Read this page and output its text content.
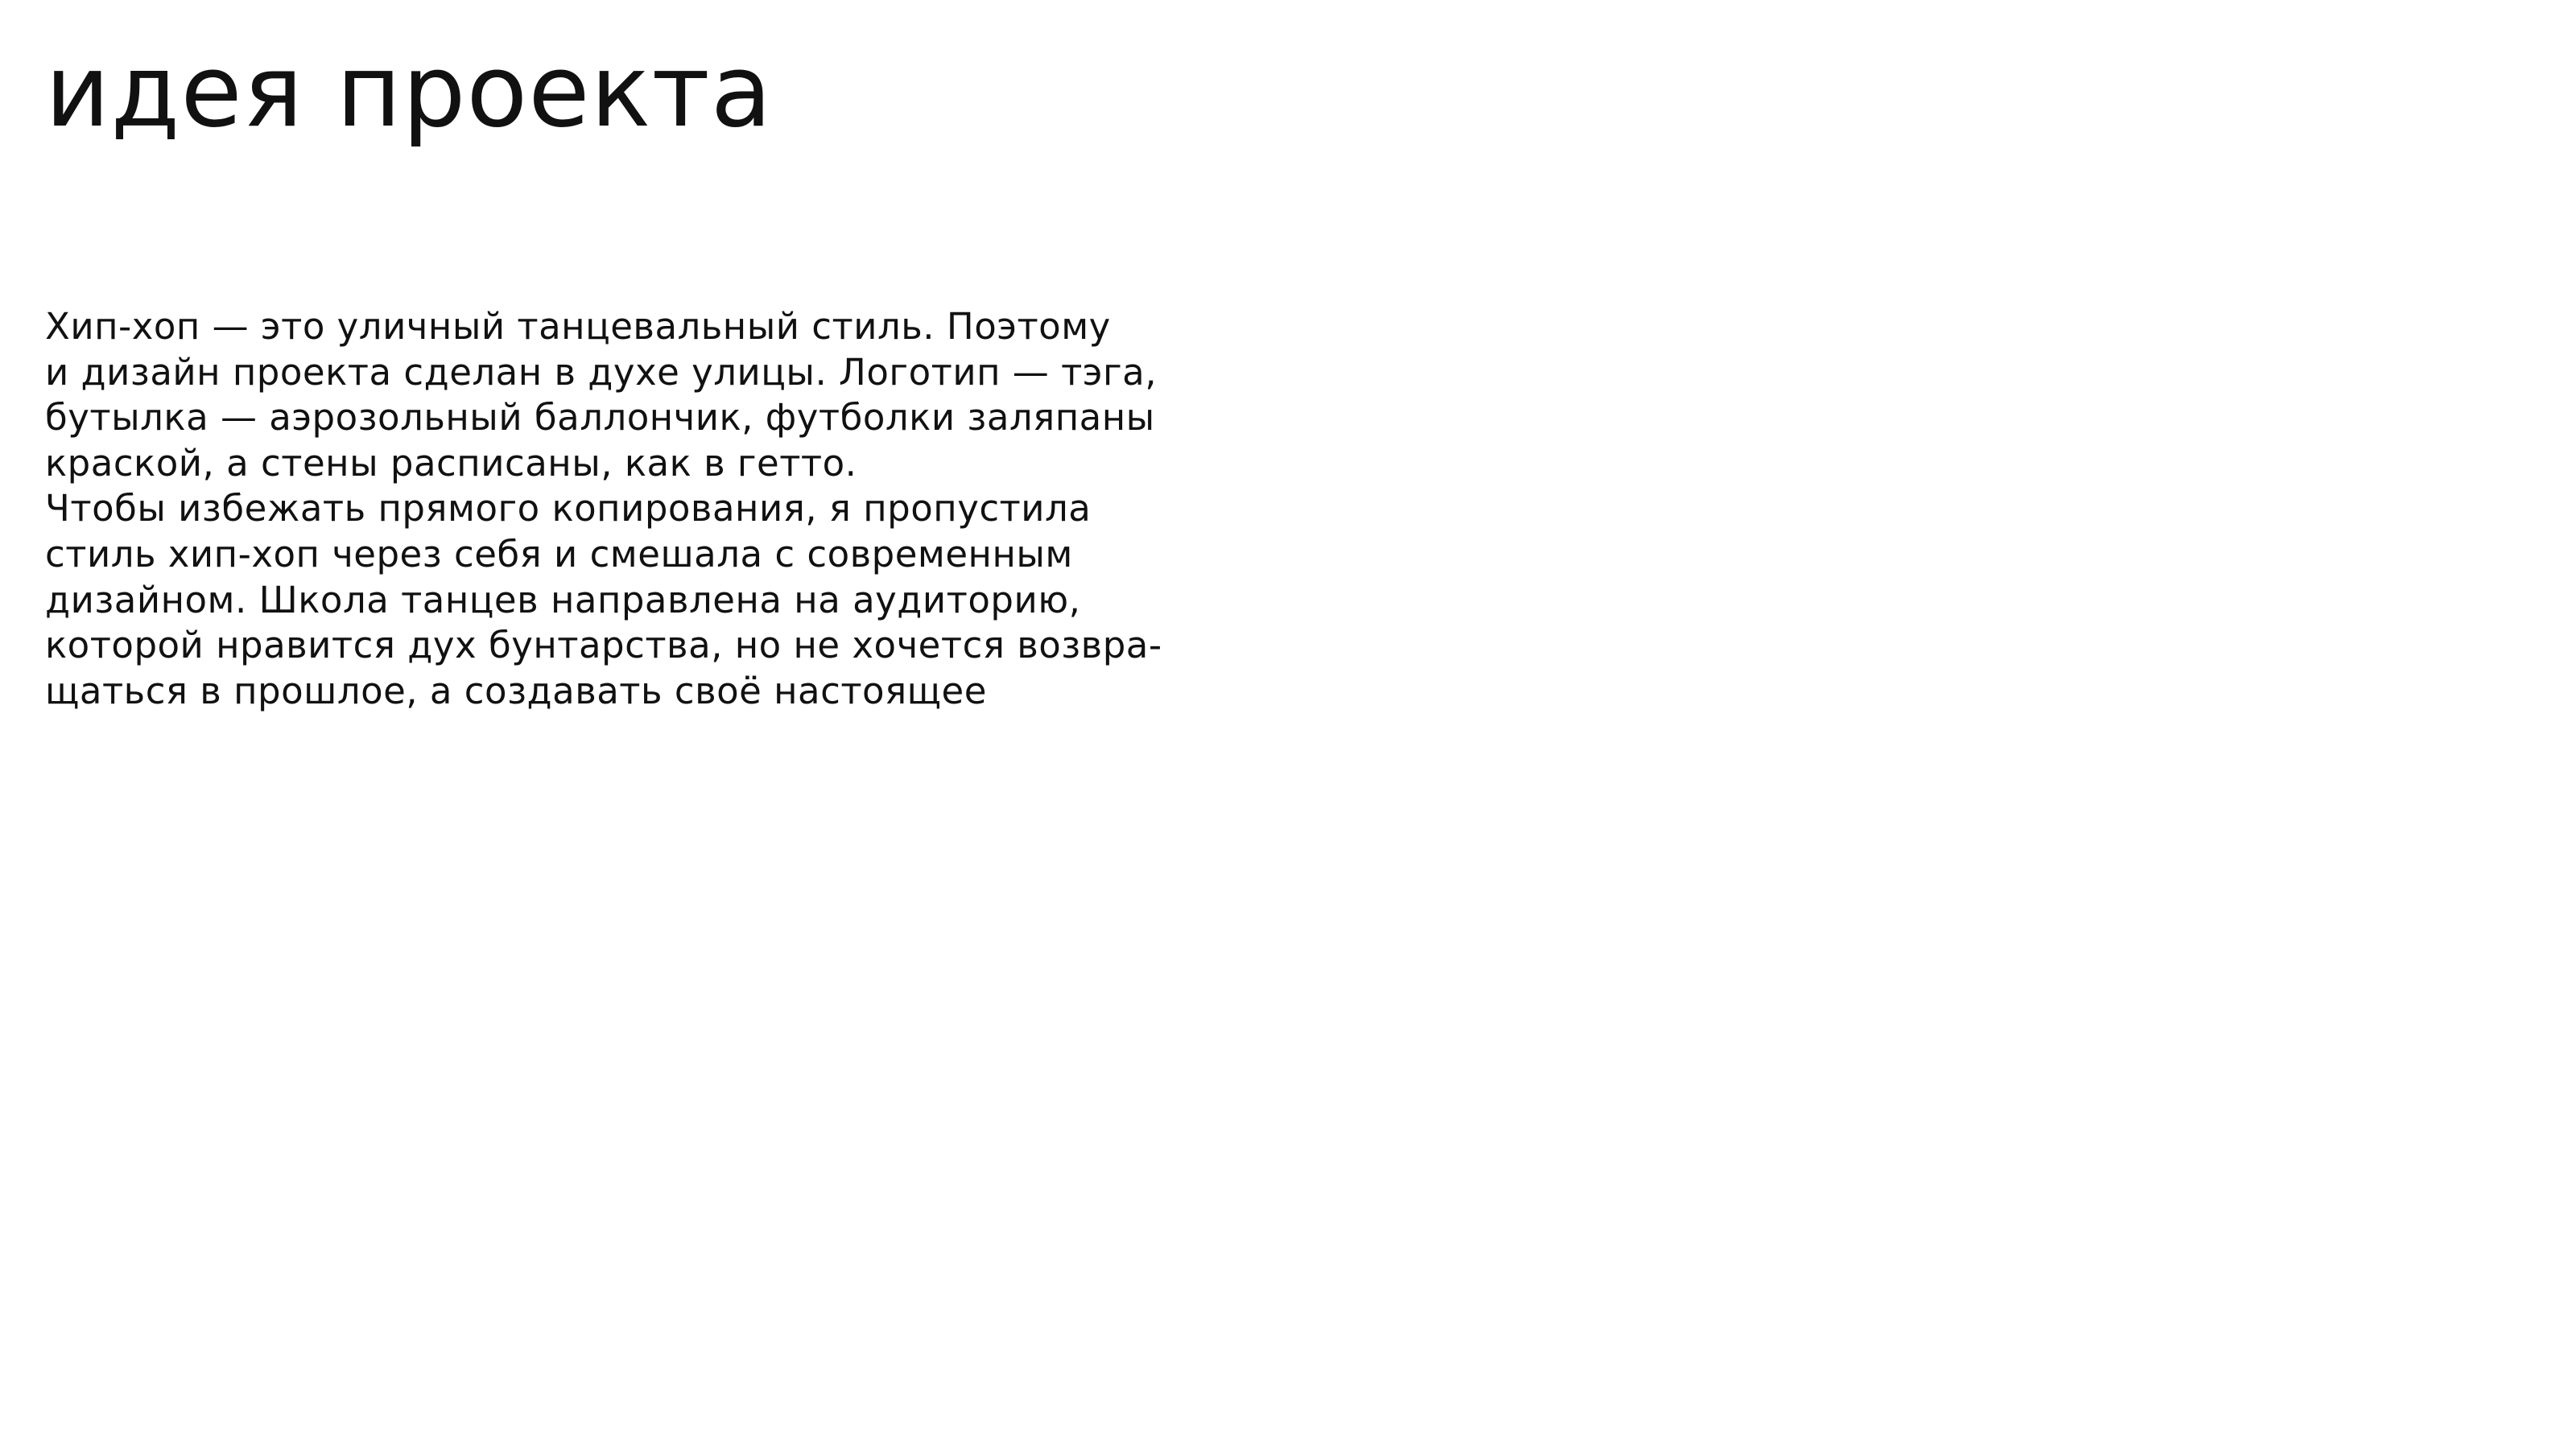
идея проекта
Хип-хоп — это уличный танцевальный стиль. Поэтому
и дизайн проекта сделан в духе улицы. Логотип — тэга,
бутылка — аэрозольный баллончик, футболки заляпаны
краской, а стены расписаны, как в гетто.
Чтобы избежать прямого копирования, я пропустила
стиль хип-хоп через себя и смешала с современным
дизайном. Школа танцев направлена на аудиторию,
которой нравится дух бунтарства, но не хочется возвра-
щаться в прошлое, а создавать своё настоящее
